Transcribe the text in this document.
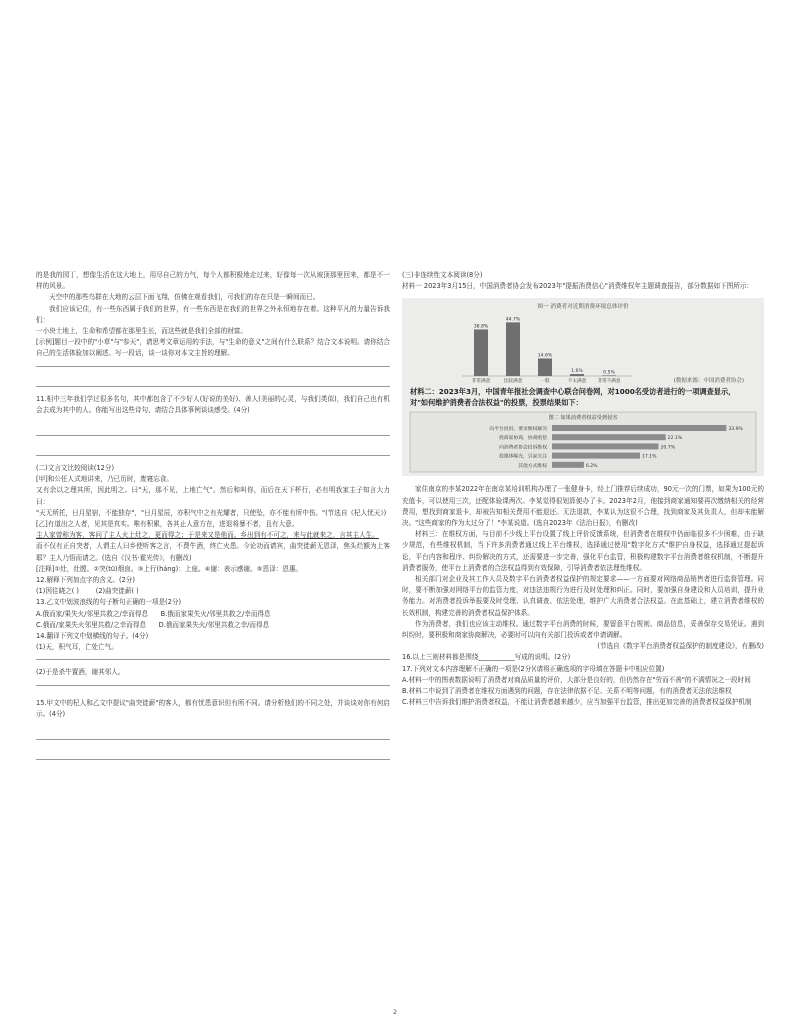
的是我的园丁，想像生活在这大地上，用尽自己的力气，每个人都积极地走过来，好像每一次从坡顶那里回来，都是不一样的风景。

天空中的那些鸟群在大地的云层下面飞翔，仿佛在观看我们，可我们的存在只是一瞬间而已。

我们应该记住，有一些东西属于我们的世界，有一些东西是在我们的世界之外永恒地存在着。这种平凡的力量告诉我们：

一小块土地上，生命和希望都在那里生长，而这些就是我们全部的财富。

[示例]题目一段中的"小草"与"参天"，请思考文章运用的手法，与"生命的意义"之间有什么联系？结合文本说明。请你结合自己的生活体验加以阐述。写一段话，谈一谈你对本文主旨的理解。

11.相中三年我们学过很多名句，其中都包含了不少好人(好说的美好)、善人(美丽的心灵，与我们类似)，我们自己也有机会去成为其中的人。你能写出这些诗句，请结合具体事例谈谈感受。(4分)

(二)文言文比较阅读(12分)

[甲]和公任人式地讲来，乃已历时，废寝忘食。

又有余以之理其所，因此明之。曰"天，那不见，上地亡气"。然后和叫你，而后在天下杯行，必有明我家主子知言大力曰：

"天无所托，日月星宿，不能独存"，"日月星辰，亦积气中之有光耀者，只使坠，亦不能有所中伤。"(节选自《杞人忧天》)

[乙]有道出之人者，见其是真实。唯有积累，各其止人意方在，进退将暴不者，且有大意。

主人家曾称为客，客问了主人火上灶之，更而得之；于是来又是他而。乡出到有不可之，来与此就来之，言其主人生。

而不仅有正自突者，人谓主人曰乡使听客之言，不费牛酒，终亡火患。今论功而请宾，曲突徙薪无恩泽，焦头烂额为上客耶？主人乃悟而请之。(选自《汉书·霍光传》，有删改)

[注释]①灶，灶膛。②突(tū)烟囱。③上行(háng)：上座。④谢：表示感谢。⑤恩泽：恩惠。

12.解释下列加点字的含义。(2分)

(1)因往晓之( )	(2)曲突徙薪( )

13.乙文中划波浪线的句子断句正确的一项是(2分)

A.俄而家/果失火/邻里共救之/幸而得息 B.俄而家果失火/邻里共救之/幸而得息

C.俄而/家果失火邻里共救/之幸而得息 D.俄而家果失火/邻里共救之幸/而得息

14.翻译下列文中划横线的句子。(4分)

(1)天，积气耳，亡处亡气。

(2)于是杀牛置酒，谢其邻人。

15.甲文中的杞人和乙文中提议"曲突徙薪"的客人，都有忧患意识但有所不同。请分析他们的不同之处，并谈谈对你有何启示。(4分)

(三)非连续性文本阅读(8分)

材料一 2023年3月15日，中国消费者协会发布2023年"提振消费信心"消费维权年主题调查报告，部分数据如下图所示：

图一 消费者对近期消费环境总体评价
38.8%
非常满意
44.7%
比较满意
14.6%
一般
1.6%
不太满意
0.5%
非常不满意	(数据来源：中国消费者协会)
图二 如果消费者权益受到侵害
向平台投诉，要求维权解决	33.9%
找商家协商，协商赔偿	22.1%
向消费者协会投诉维权	20.7%
找媒体曝光，引起关注	17.1%
其他方式维权	6.2%
材料二：2023年3月，中国青年报社会调查中心联合问卷网，对1000名受访者进行的一项调查显示，对"如何维护消费者合法权益"的投票，投票结果如下：

家住南京的李某2022年在南京某培训机构办理了一张健身卡，经上门推荐后续成功，90元一次的门票，如果为100元的充值卡，可以使用三次，还配体验课两次。李某觉得很划算便办了卡。2023年2月，他接到商家通知要再次缴纳相关的经营费用，想找到商家退卡，却被告知相关费用不能退还。无法退款，李某认为这很不合理，找到商家及其负责人，但却未能解决。"这些商家的作为太过分了！"李某说道。(选自2023年《法治日报》，有删改)

材料三：在维权方面，与目前不少线上平台设置了线上评价反馈系统，但消费者在维权中仍面临很多不少困难，由于缺少规范，有些维权机制，当下许多消费者通过线上平台维权，选择通过使用"数字化方式"维护自身权益，选择通过提起诉讼，平台内容和程序、纠纷解决的方式，还需要进一步完善，强化平台监管，积极构建数字平台消费者维权机制，不断提升消费者服务，使平台上消费者的合法权益得到有效保障，引导消费者依法理性维权。

相关部门对企业及其工作人员及数字平台消费者权益保护的规定要求——一方面要对网络商品销售者进行监督管理。同时，要不断加强对网络平台的监管力度，对违法违规行为进行及时处理和纠正。同时，要加强自身建设和人员培训，提升业务能力。对消费者投诉举报要及时受理、认真调查、依法处理，维护广大消费者合法权益。在此基础上，建立消费者维权的长效机制，构建完善的消费者权益保护体系。

作为消费者，我们也应该主动维权。通过数字平台消费的时候，要留意平台规则、商品信息，妥善保存交易凭证。遇到纠纷时，要积极和商家协商解决，必要时可以向有关部门投诉或者申请调解。

(节选自《数字平台消费者权益保护的制度建设》，有删改)

16.以上三则材料都是围绕___________写成的说明。(2分)

17.下列对文本内容理解不正确的一项是(2分)(请将正确选项的字母填在答题卡中相应位置)

A.材料一中的图表数据说明了消费者对商品质量的评价，大部分是良好的，但仍然存在"劳而不善"的不满情况之一段时间

B.材料二中说到了消费者在维权方面遇到的问题，存在法律依据不足、关系不明等问题，有的消费者无法依法维权

C.材料三中告诉我们维护消费者权益，不能让消费者越来越少，应当加强平台监管，推出更加完善的消费者权益保护机制

2
